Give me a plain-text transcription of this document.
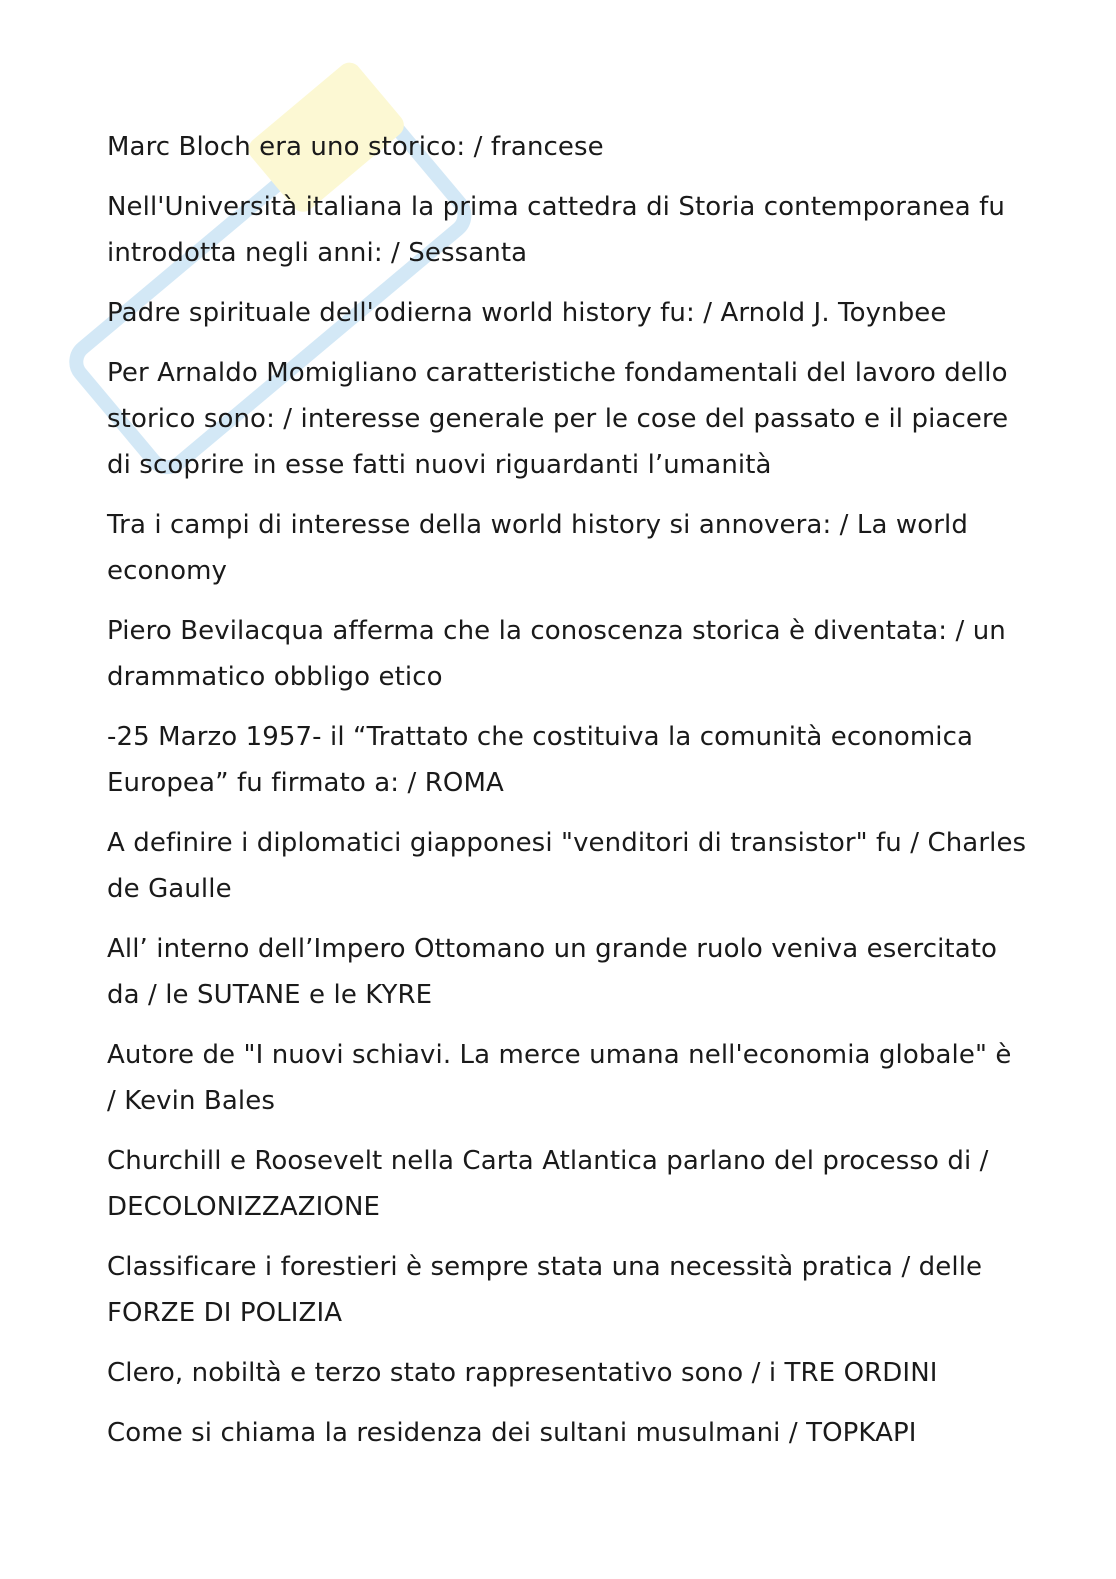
Marc Bloch era uno storico: / francese

Nell'Università italiana la prima cattedra di Storia contemporanea fu introdotta negli anni: / Sessanta

Padre spirituale dell'odierna world history fu: / Arnold J. Toynbee

Per Arnaldo Momigliano caratteristiche fondamentali del lavoro dello storico sono: / interesse generale per le cose del passato e il piacere di scoprire in esse fatti nuovi riguardanti l’umanità

Tra i campi di interesse della world history si annovera: / La world economy

Piero Bevilacqua afferma che la conoscenza storica è diventata: / un drammatico obbligo etico

-25 Marzo 1957- il “Trattato che costituiva la comunità economica Europea” fu firmato a: / ROMA

A definire i diplomatici giapponesi "venditori di transistor" fu / Charles de Gaulle

All’ interno dell’Impero Ottomano un grande ruolo veniva esercitato da / le SUTANE e le KYRE

Autore de "I nuovi schiavi. La merce umana nell'economia globale" è / Kevin Bales

Churchill e Roosevelt nella Carta Atlantica parlano del processo di / DECOLONIZZAZIONE

Classificare i forestieri è sempre stata una necessità pratica / delle FORZE DI POLIZIA

Clero, nobiltà e terzo stato rappresentativo sono / i TRE ORDINI

Come si chiama la residenza dei sultani musulmani / TOPKAPI
